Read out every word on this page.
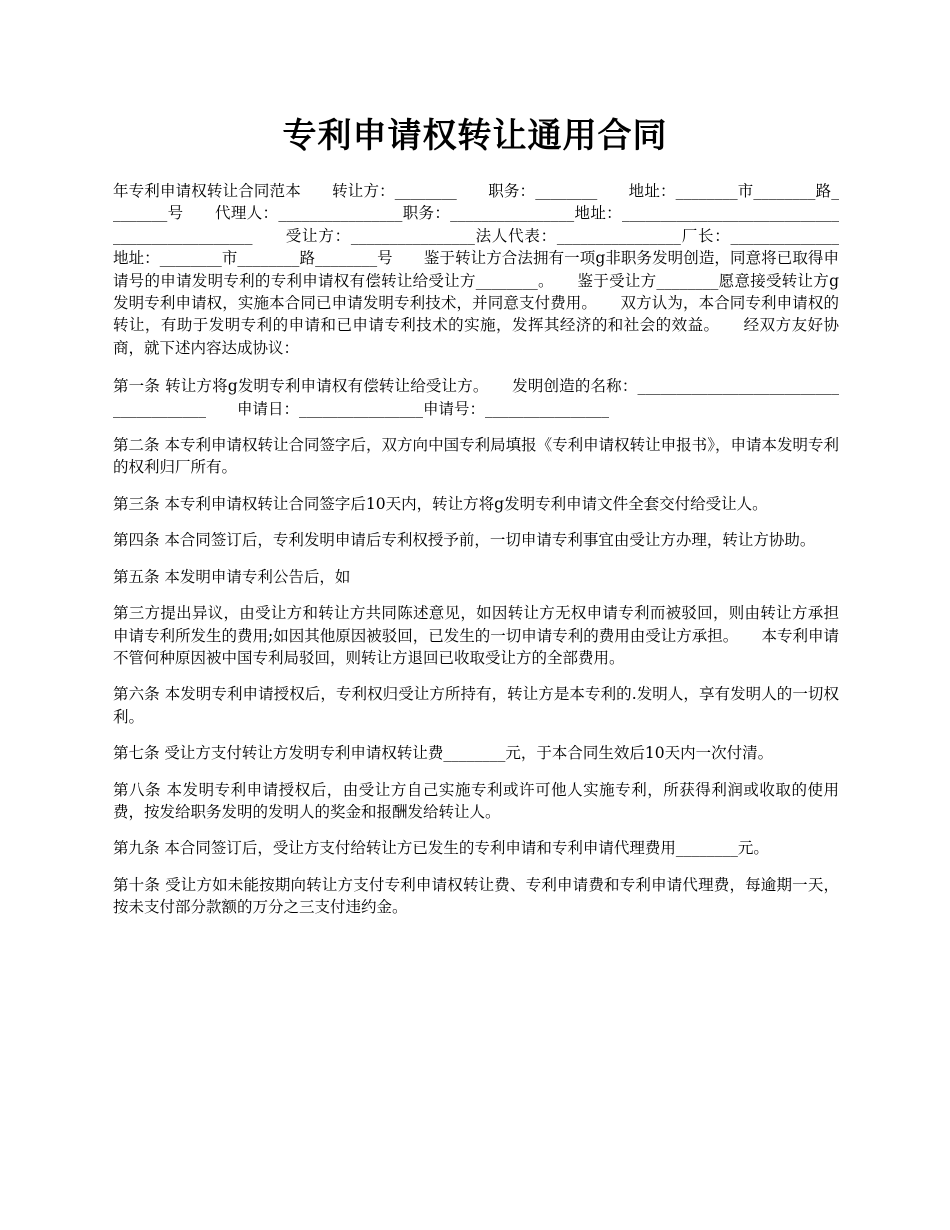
专利申请权转让通用合同

年专利申请权转让合同范本　　转让方：________　　职务：________　　地址：________市________路________号　　代理人：________________职务：________________地址：______________________________________________　　受让方：________________法人代表：________________厂长：______________　　地址：________市________路________号　　鉴于转让方合法拥有一项g非职务发明创造，同意将已取得申请号的申请发明专利的专利申请权有偿转让给受让方________。　　鉴于受让方________愿意接受转让方g发明专利申请权，实施本合同已申请发明专利技术，并同意支付费用。　　双方认为，本合同专利申请权的转让，有助于发明专利的申请和已申请专利技术的实施，发挥其经济的和社会的效益。　　经双方友好协商，就下述内容达成协议：

第一条 转让方将g发明专利申请权有偿转让给受让方。　　发明创造的名称：______________________________________　　申请日：________________申请号：________________

第二条 本专利申请权转让合同签字后，双方向中国专利局填报《专利申请权转让申报书》，申请本发明专利的权利归厂所有。

第三条 本专利申请权转让合同签字后10天内，转让方将g发明专利申请文件全套交付给受让人。

第四条 本合同签订后，专利发明申请后专利权授予前，一切申请专利事宜由受让方办理，转让方协助。

第五条 本发明申请专利公告后，如

第三方提出异议，由受让方和转让方共同陈述意见，如因转让方无权申请专利而被驳回，则由转让方承担申请专利所发生的费用;如因其他原因被驳回，已发生的一切申请专利的费用由受让方承担。　　本专利申请不管何种原因被中国专利局驳回，则转让方退回已收取受让方的全部费用。

第六条 本发明专利申请授权后，专利权归受让方所持有，转让方是本专利的.发明人，享有发明人的一切权利。

第七条 受让方支付转让方发明专利申请权转让费________元，于本合同生效后10天内一次付清。

第八条 本发明专利申请授权后，由受让方自己实施专利或许可他人实施专利，所获得利润或收取的使用费，按发给职务发明的发明人的奖金和报酬发给转让人。

第九条 本合同签订后，受让方支付给转让方已发生的专利申请和专利申请代理费用________元。

第十条 受让方如未能按期向转让方支付专利申请权转让费、专利申请费和专利申请代理费，每逾期一天，按未支付部分款额的万分之三支付违约金。
